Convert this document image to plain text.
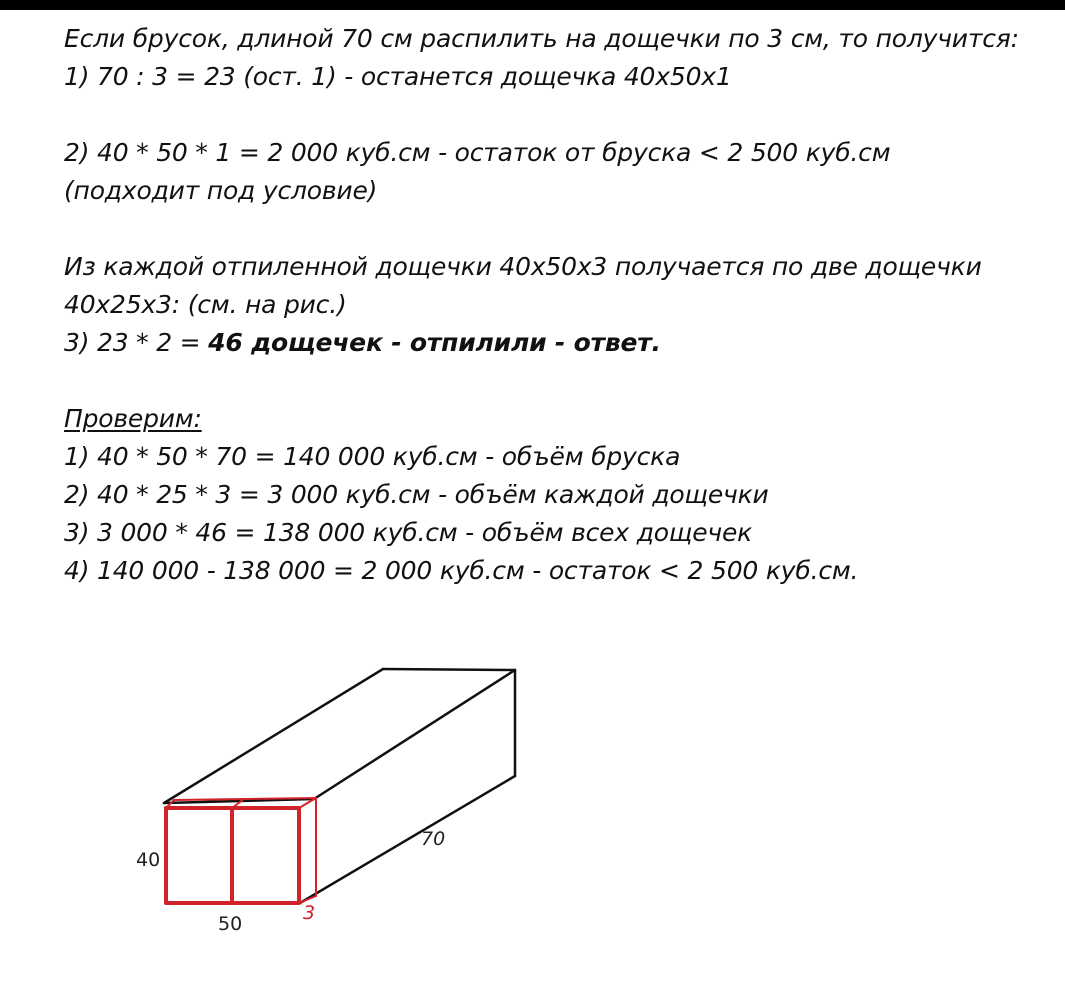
Если брусок, длиной 70 см распилить на дощечки по 3 см, то получится:
1) 70 : 3 = 23 (ост. 1) - останется дощечка 40х50х1
2) 40 * 50 * 1 = 2 000 куб.см - остаток от бруска < 2 500 куб.см
(подходит под условие)
Из каждой отпиленной дощечки 40х50х3 получается по две дощечки
40х25х3: (см. на рис.)
3) 23 * 2 = 46 дощечек - отпилили - ответ.
Проверим:
1) 40 * 50 * 70 = 140 000 куб.см - объём бруска
2) 40 * 25 * 3 = 3 000 куб.см - объём каждой дощечки
3) 3 000 * 46 = 138 000 куб.см - объём всех дощечек
4) 140 000 - 138 000 = 2 000 куб.см - остаток < 2 500 куб.см.
40
50
70
3
